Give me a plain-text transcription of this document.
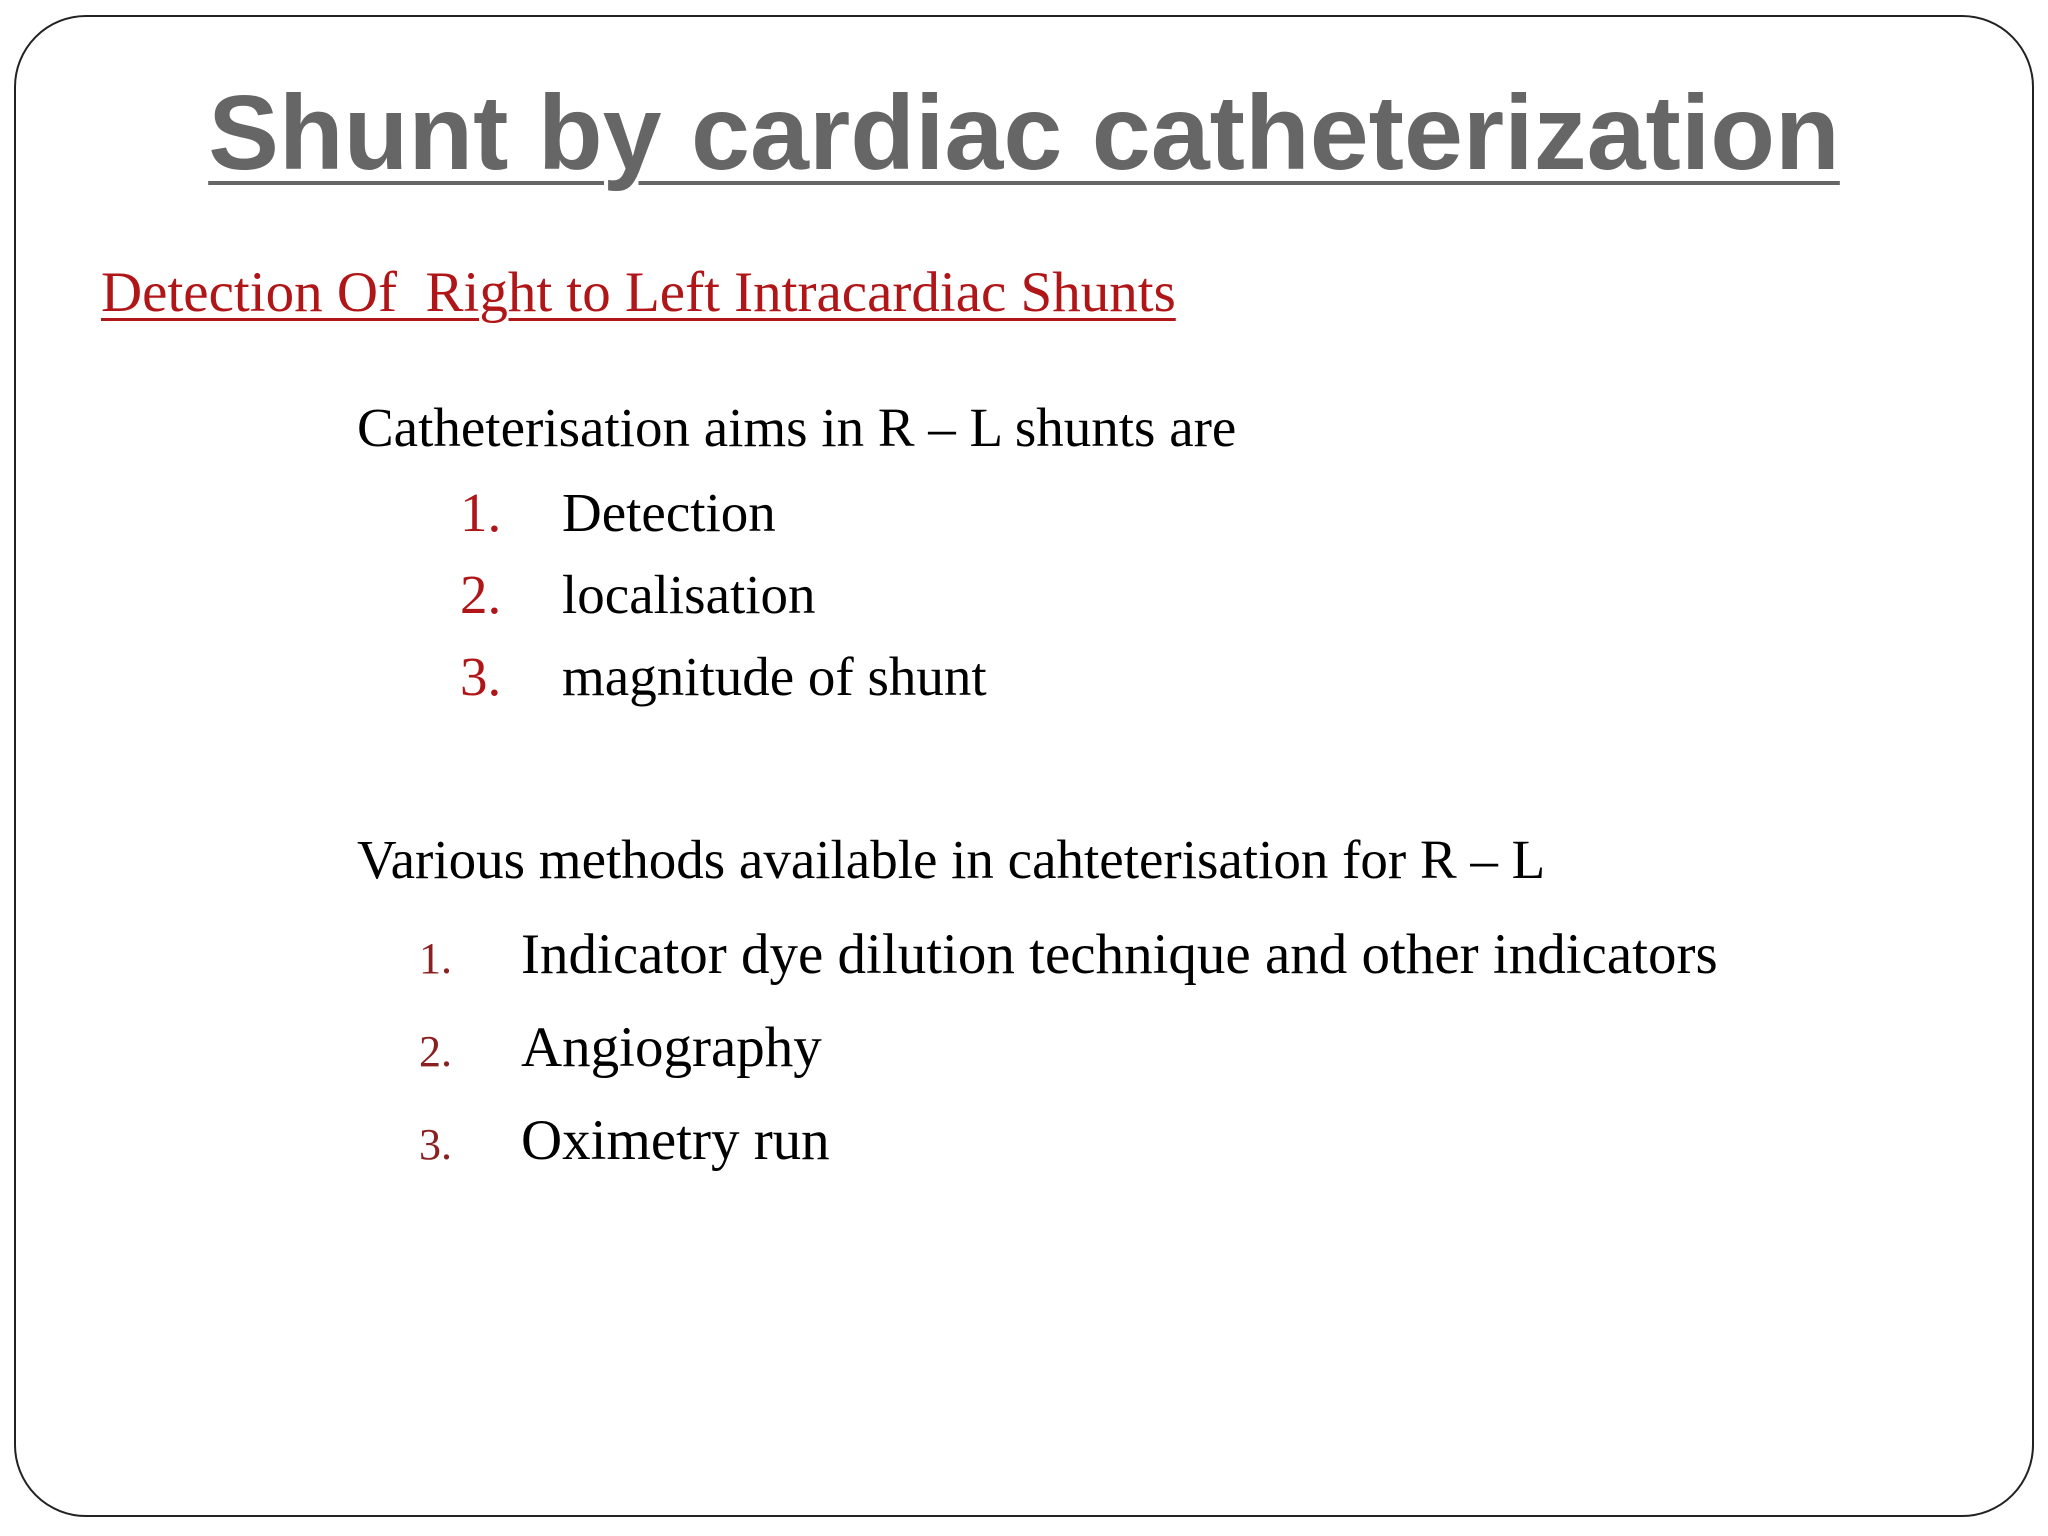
Shunt by cardiac catheterization
Detection Of  Right to Left Intracardiac Shunts

Catheterisation aims in R – L shunts are

1. Detection
2. localisation
3. magnitude of shunt

Various methods available in cahteterisation for R – L

1. Indicator dye dilution technique and other indicators
2. Angiography
3. Oximetry run
